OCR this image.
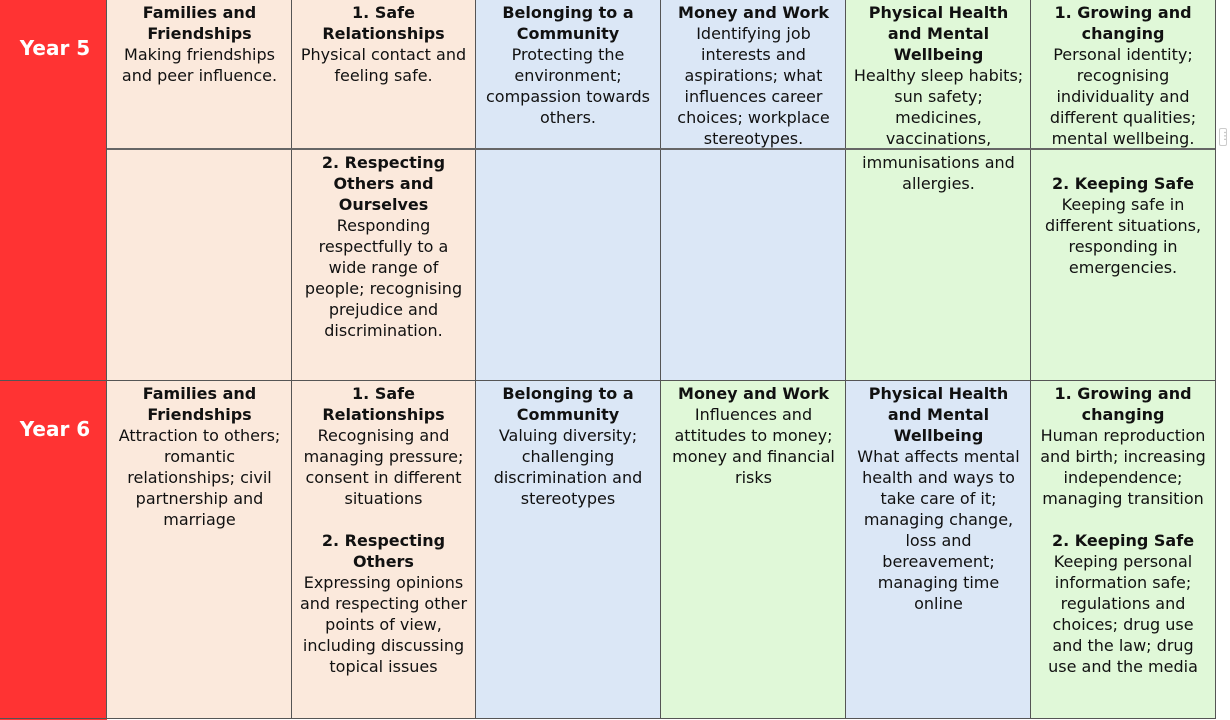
Year 5
Year 6
Families and Friendships
Making friendships and peer influence.
1. Safe Relationships
Physical contact and feeling safe.
Belonging to a Community
Protecting the environment; compassion towards others.
Money and Work
Identifying job interests and aspirations; what influences career choices; workplace stereotypes.
Physical Health and Mental Wellbeing
Healthy sleep habits; sun safety; medicines, vaccinations,
1. Growing and changing
Personal identity; recognising individuality and different qualities; mental wellbeing.
2. Respecting Others and Ourselves
Responding respectfully to a wide range of people; recognising prejudice and discrimination.
immunisations and allergies.	2. Keeping Safe
Keeping safe in different situations, responding in emergencies.
Families and Friendships
Attraction to others; romantic relationships; civil partnership and marriage
1. Safe Relationships
Recognising and managing pressure; consent in different situations
2. Respecting Others
Expressing opinions and respecting other points of view, including discussing topical issues
Belonging to a Community
Valuing diversity; challenging discrimination and stereotypes
Money and Work
Influences and attitudes to money; money and financial risks
Physical Health and Mental Wellbeing
What affects mental health and ways to take care of it; managing change, loss and bereavement; managing time online
1. Growing and changing
Human reproduction and birth; increasing independence; managing transition
2. Keeping Safe
Keeping personal information safe; regulations and choices; drug use and the law; drug use and the media
⋮
